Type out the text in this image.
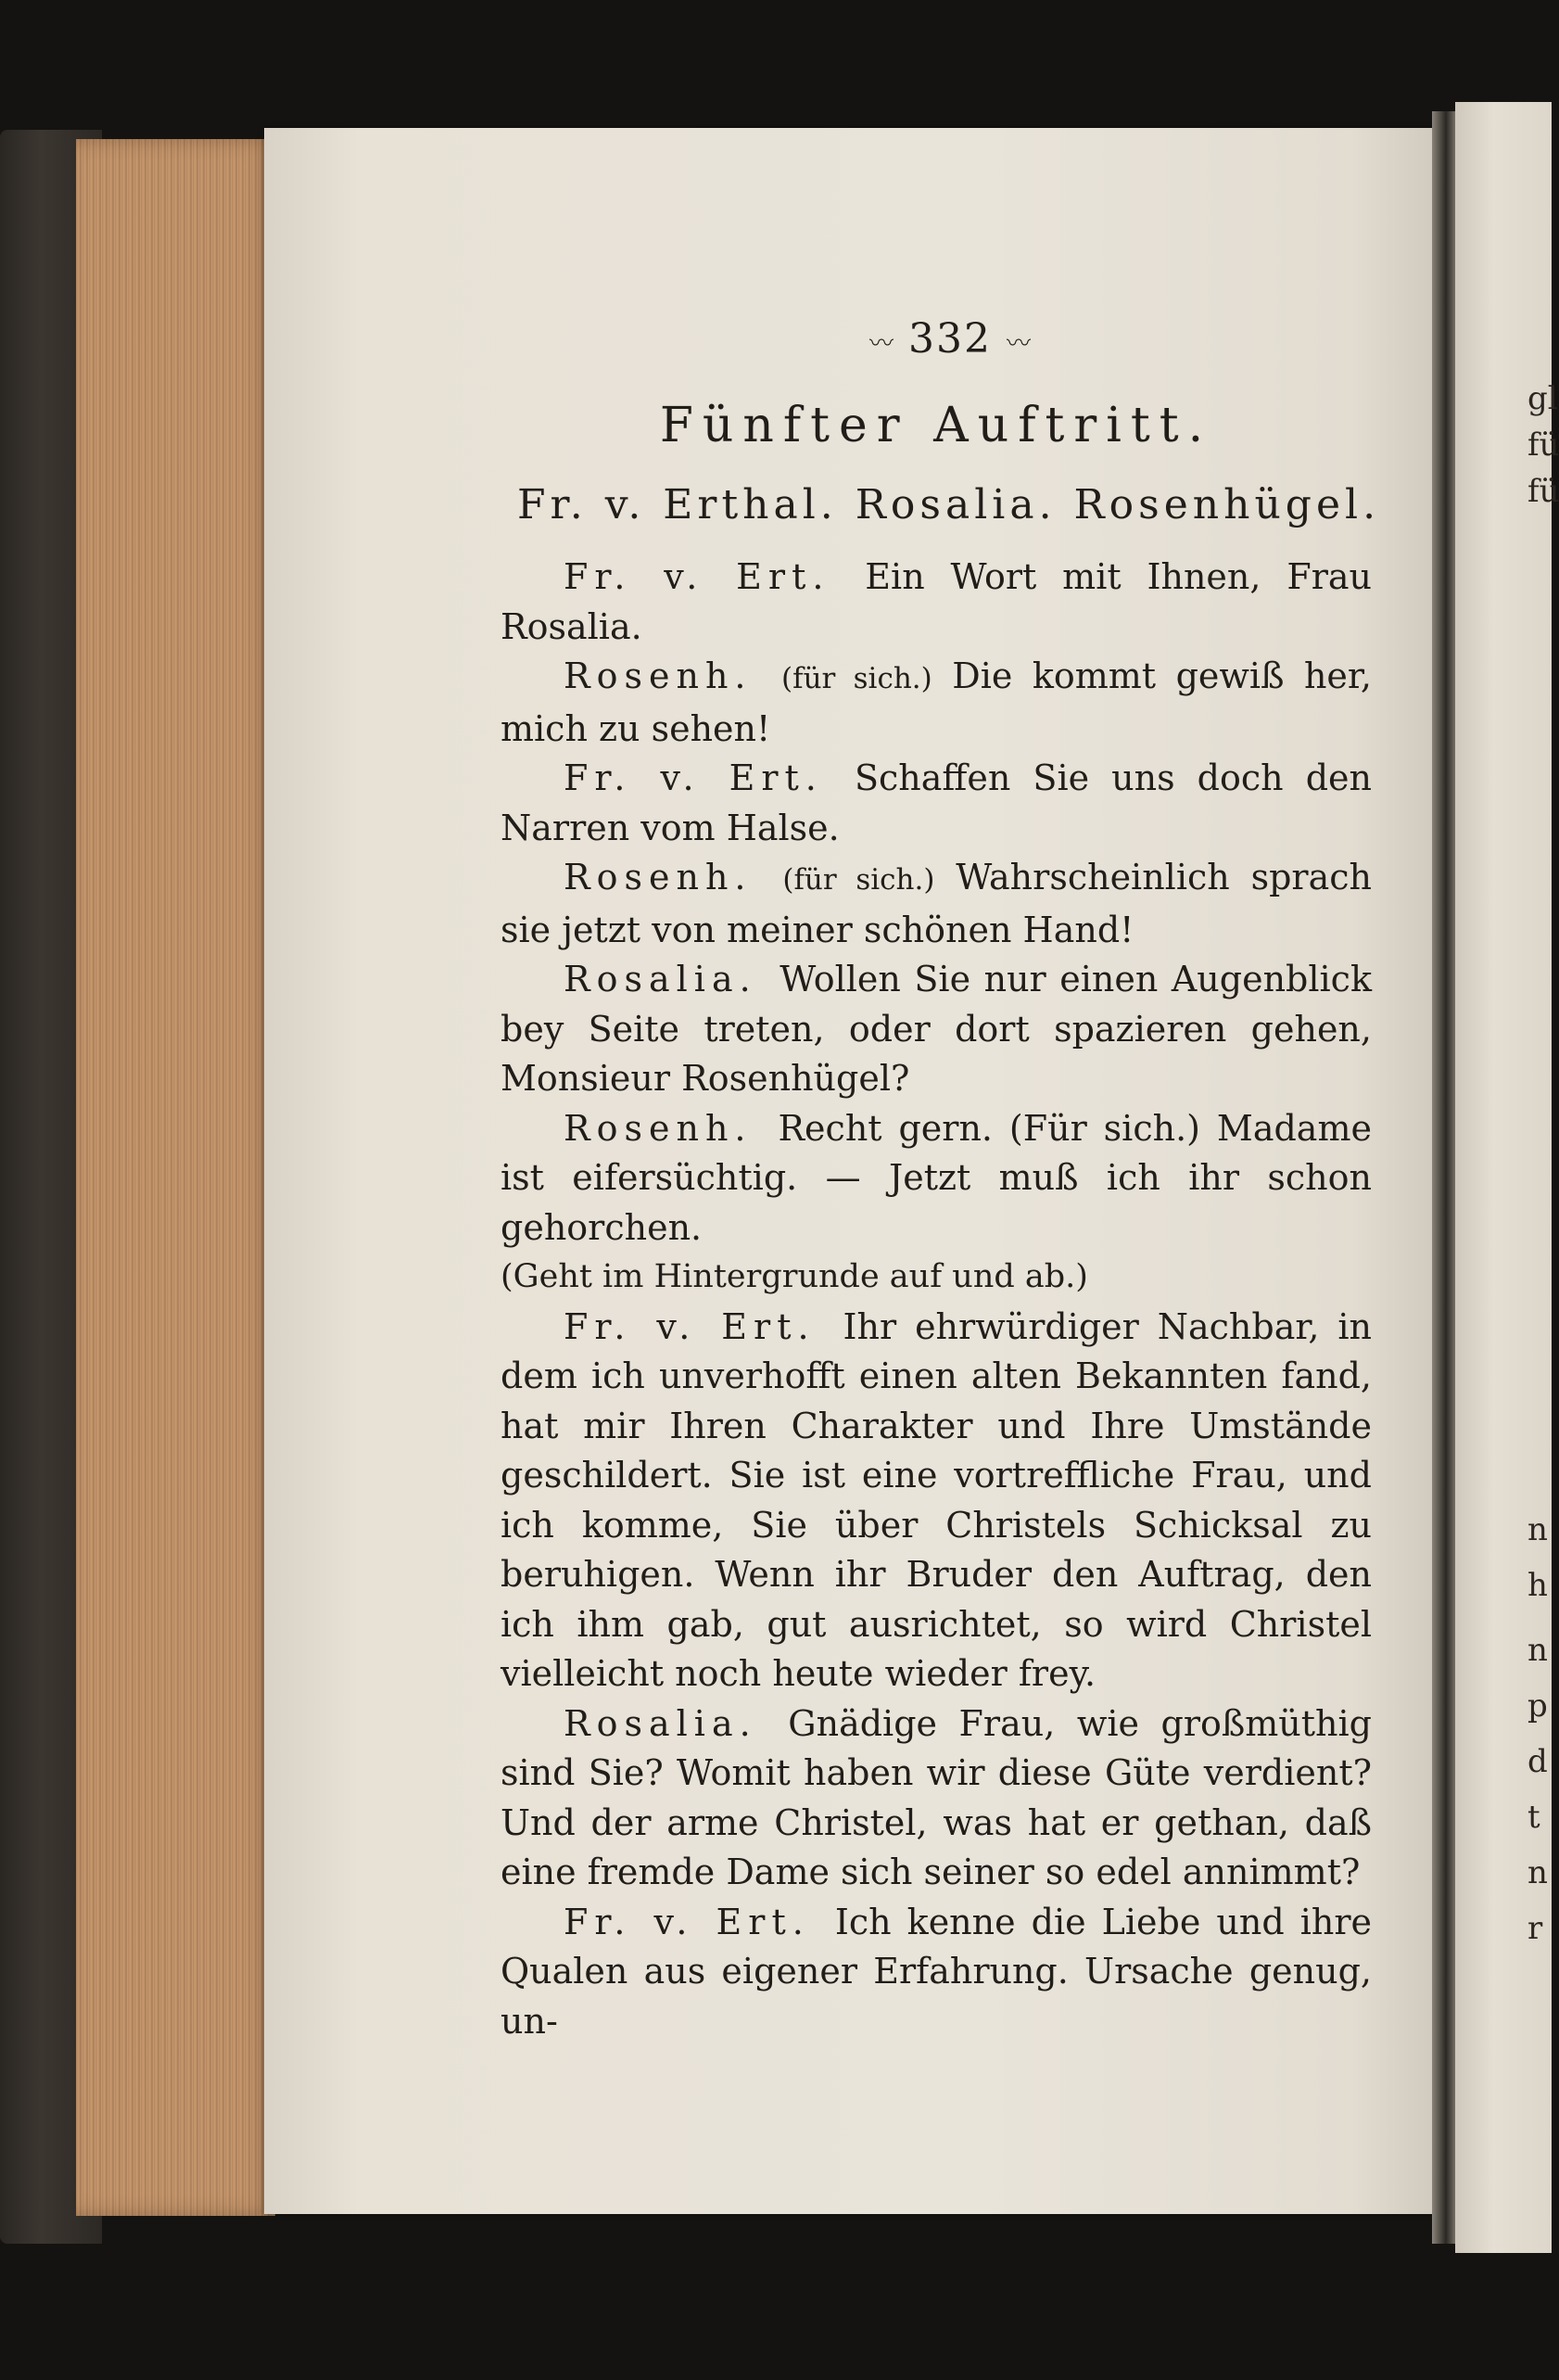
gl
fü
fü
n
h
n
p
d
t
n
r
〰 332 〰
Fünfter Auftritt.
Fr. v. Erthal. Rosalia. Rosenhügel.

Fr. v. Ert. Ein Wort mit Ihnen, Frau Rosalia.

Rosenh. (für sich.) Die kommt gewiß her, mich zu sehen!

Fr. v. Ert. Schaffen Sie uns doch den Narren vom Halse.

Rosenh. (für sich.) Wahrscheinlich sprach sie jetzt von meiner schönen Hand!

Rosalia. Wollen Sie nur einen Augenblick bey Seite treten, oder dort spazieren gehen, Monsieur Rosenhügel?

Rosenh. Recht gern. (Für sich.) Madame ist eifersüchtig. — Jetzt muß ich ihr schon gehorchen.

(Geht im Hintergrunde auf und ab.)

Fr. v. Ert. Ihr ehrwürdiger Nachbar, in dem ich unverhofft einen alten Bekannten fand, hat mir Ihren Charakter und Ihre Umstände geschildert. Sie ist eine vortreffliche Frau, und ich komme, Sie über Christels Schicksal zu beruhigen. Wenn ihr Bruder den Auftrag, den ich ihm gab, gut ausrichtet, so wird Christel vielleicht noch heute wieder frey.

Rosalia. Gnädige Frau, wie großmüthig sind Sie? Womit haben wir diese Güte verdient? Und der arme Christel, was hat er gethan, daß eine fremde Dame sich seiner so edel annimmt?

Fr. v. Ert. Ich kenne die Liebe und ihre Qualen aus eigener Erfahrung. Ursache genug, un-
